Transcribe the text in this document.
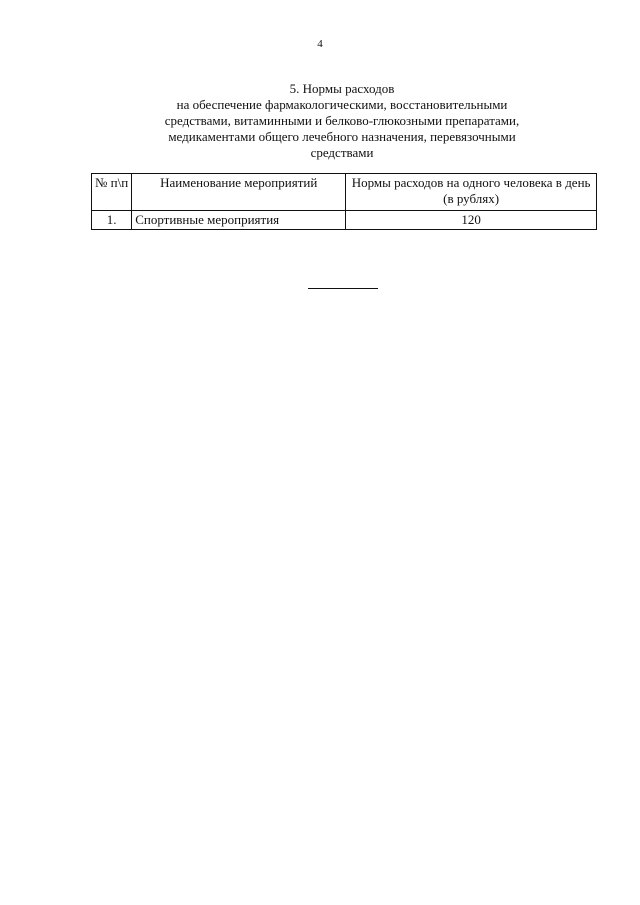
4
5. Нормы расходов
на обеспечение фармакологическими, восстановительными
средствами, витаминными и белково-глюкозными препаратами,
медикаментами общего лечебного назначения, перевязочными
средствами
№ п\п	Наименование мероприятий	Нормы расходов на одного человека в день (в рублях)
1.	Спортивные мероприятия	120
